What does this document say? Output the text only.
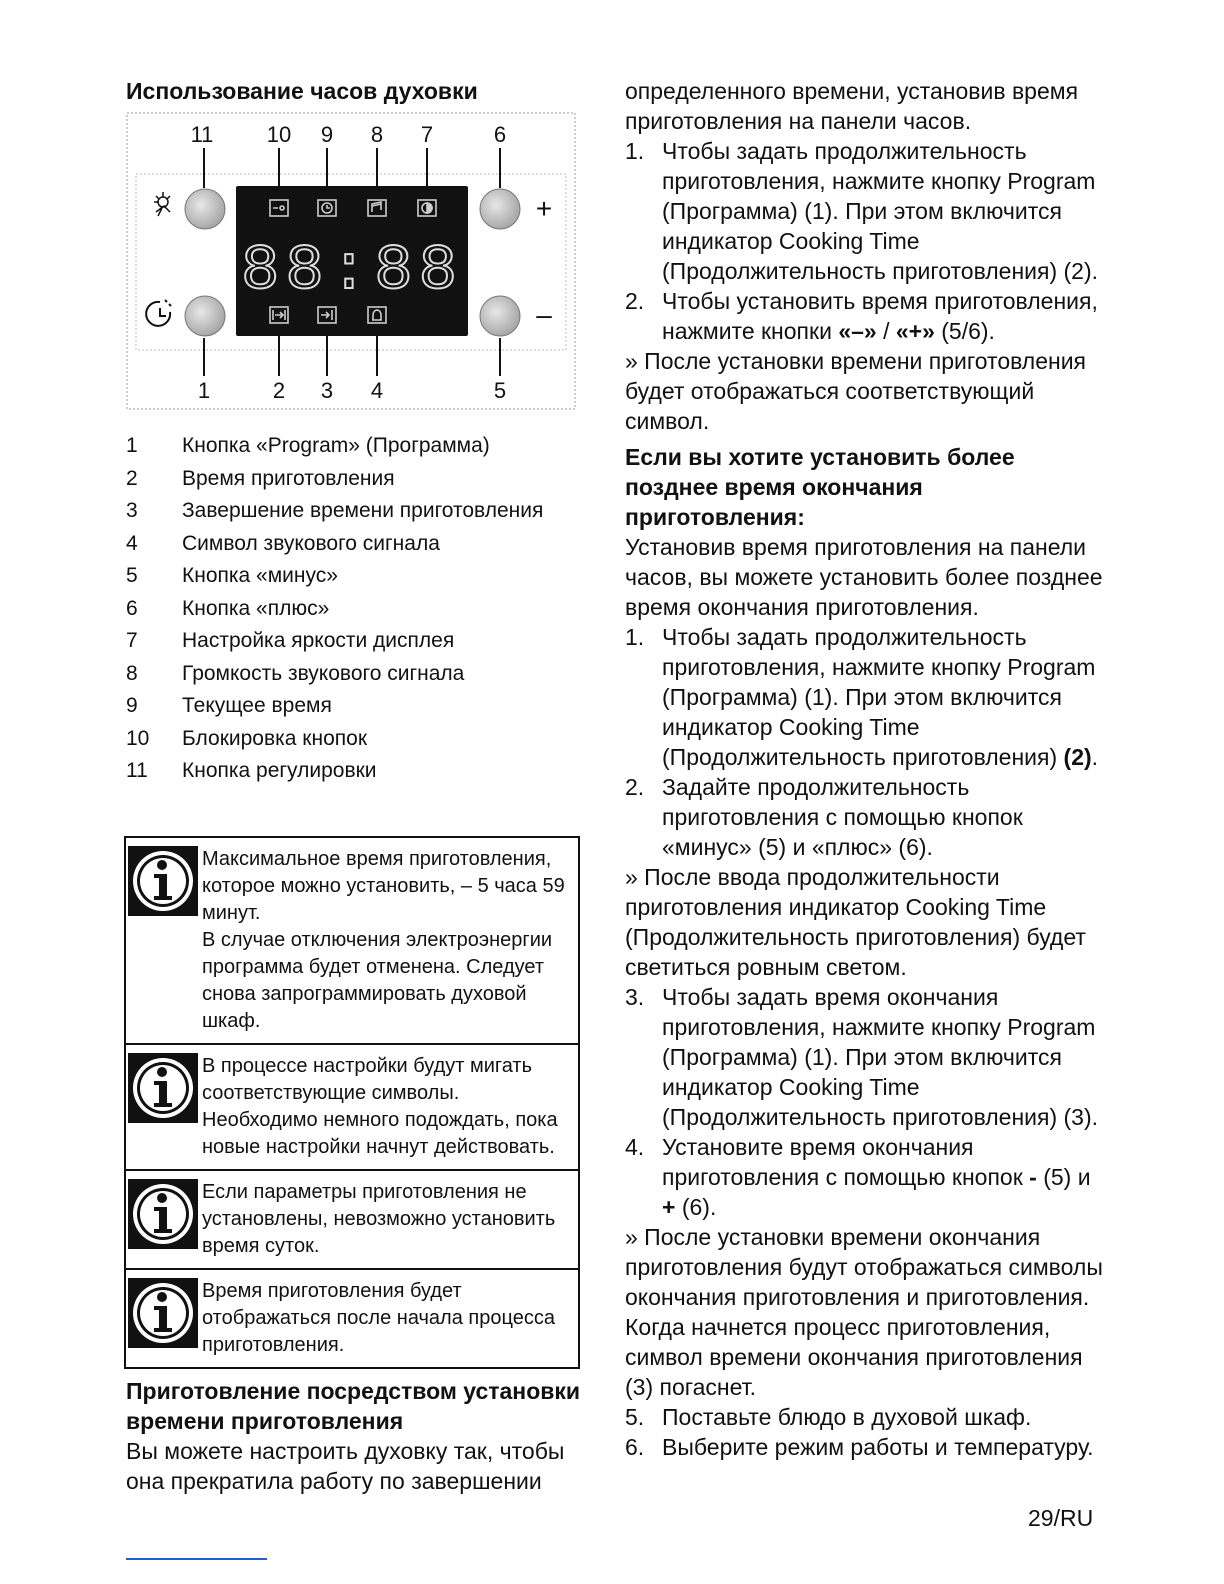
Использование часов духовки
11 10 9 8 7	6
1	2 3 4	5
+
–
88:88
1	Кнопка «Program» (Программа)
2	Время приготовления
3	Завершение времени приготовления
4	Символ звукового сигнала
5	Кнопка «минус»
6	Кнопка «плюс»
7	Настройка яркости дисплея
8	Громкость звукового сигнала
9	Текущее время
10	Блокировка кнопок
11	Кнопка регулировки

Максимальное время приготовления, которое можно установить, – 5 часа 59 минут.

В случае отключения электроэнергии программа будет отменена. Следует снова запрограммировать духовой шкаф.

В процессе настройки будут мигать соответствующие символы. Необходимо немного подождать, пока новые настройки начнут действовать.

Если параметры приготовления не установлены, невозможно установить время суток.

Время приготовления будет отображаться после начала процесса приготовления.

Приготовление посредством установки времени приготовления

Вы можете настроить духовку так, чтобы она прекратила работу по завершении

определенного времени, установив время приготовления на панели часов.

1. Чтобы задать продолжительность приготовления, нажмите кнопку Program (Программа) (1). При этом включится индикатор Cooking Time (Продолжительность приготовления) (2).
2. Чтобы установить время приготовления, нажмите кнопки «–» / «+» (5/6).

» После установки времени приготовления будет отображаться соответствующий символ.

Если вы хотите установить более позднее время окончания приготовления:

Установив время приготовления на панели часов, вы можете установить более позднее время окончания приготовления.

1. Чтобы задать продолжительность приготовления, нажмите кнопку Program (Программа) (1). При этом включится индикатор Cooking Time (Продолжительность приготовления) (2).
2. Задайте продолжительность приготовления с помощью кнопок «минус» (5) и «плюс» (6).

» После ввода продолжительности приготовления индикатор Cooking Time (Продолжительность приготовления) будет светиться ровным светом.

3. Чтобы задать время окончания приготовления, нажмите кнопку Program (Программа) (1). При этом включится индикатор Cooking Time (Продолжительность приготовления) (3).
4. Установите время окончания приготовления с помощью кнопок - (5) и + (6).

» После установки времени окончания приготовления будут отображаться символы окончания приготовления и приготовления. Когда начнется процесс приготовления, символ времени окончания приготовления (3) погаснет.

5. Поставьте блюдо в духовой шкаф.
6. Выберите режим работы и температуру.
29/RU
